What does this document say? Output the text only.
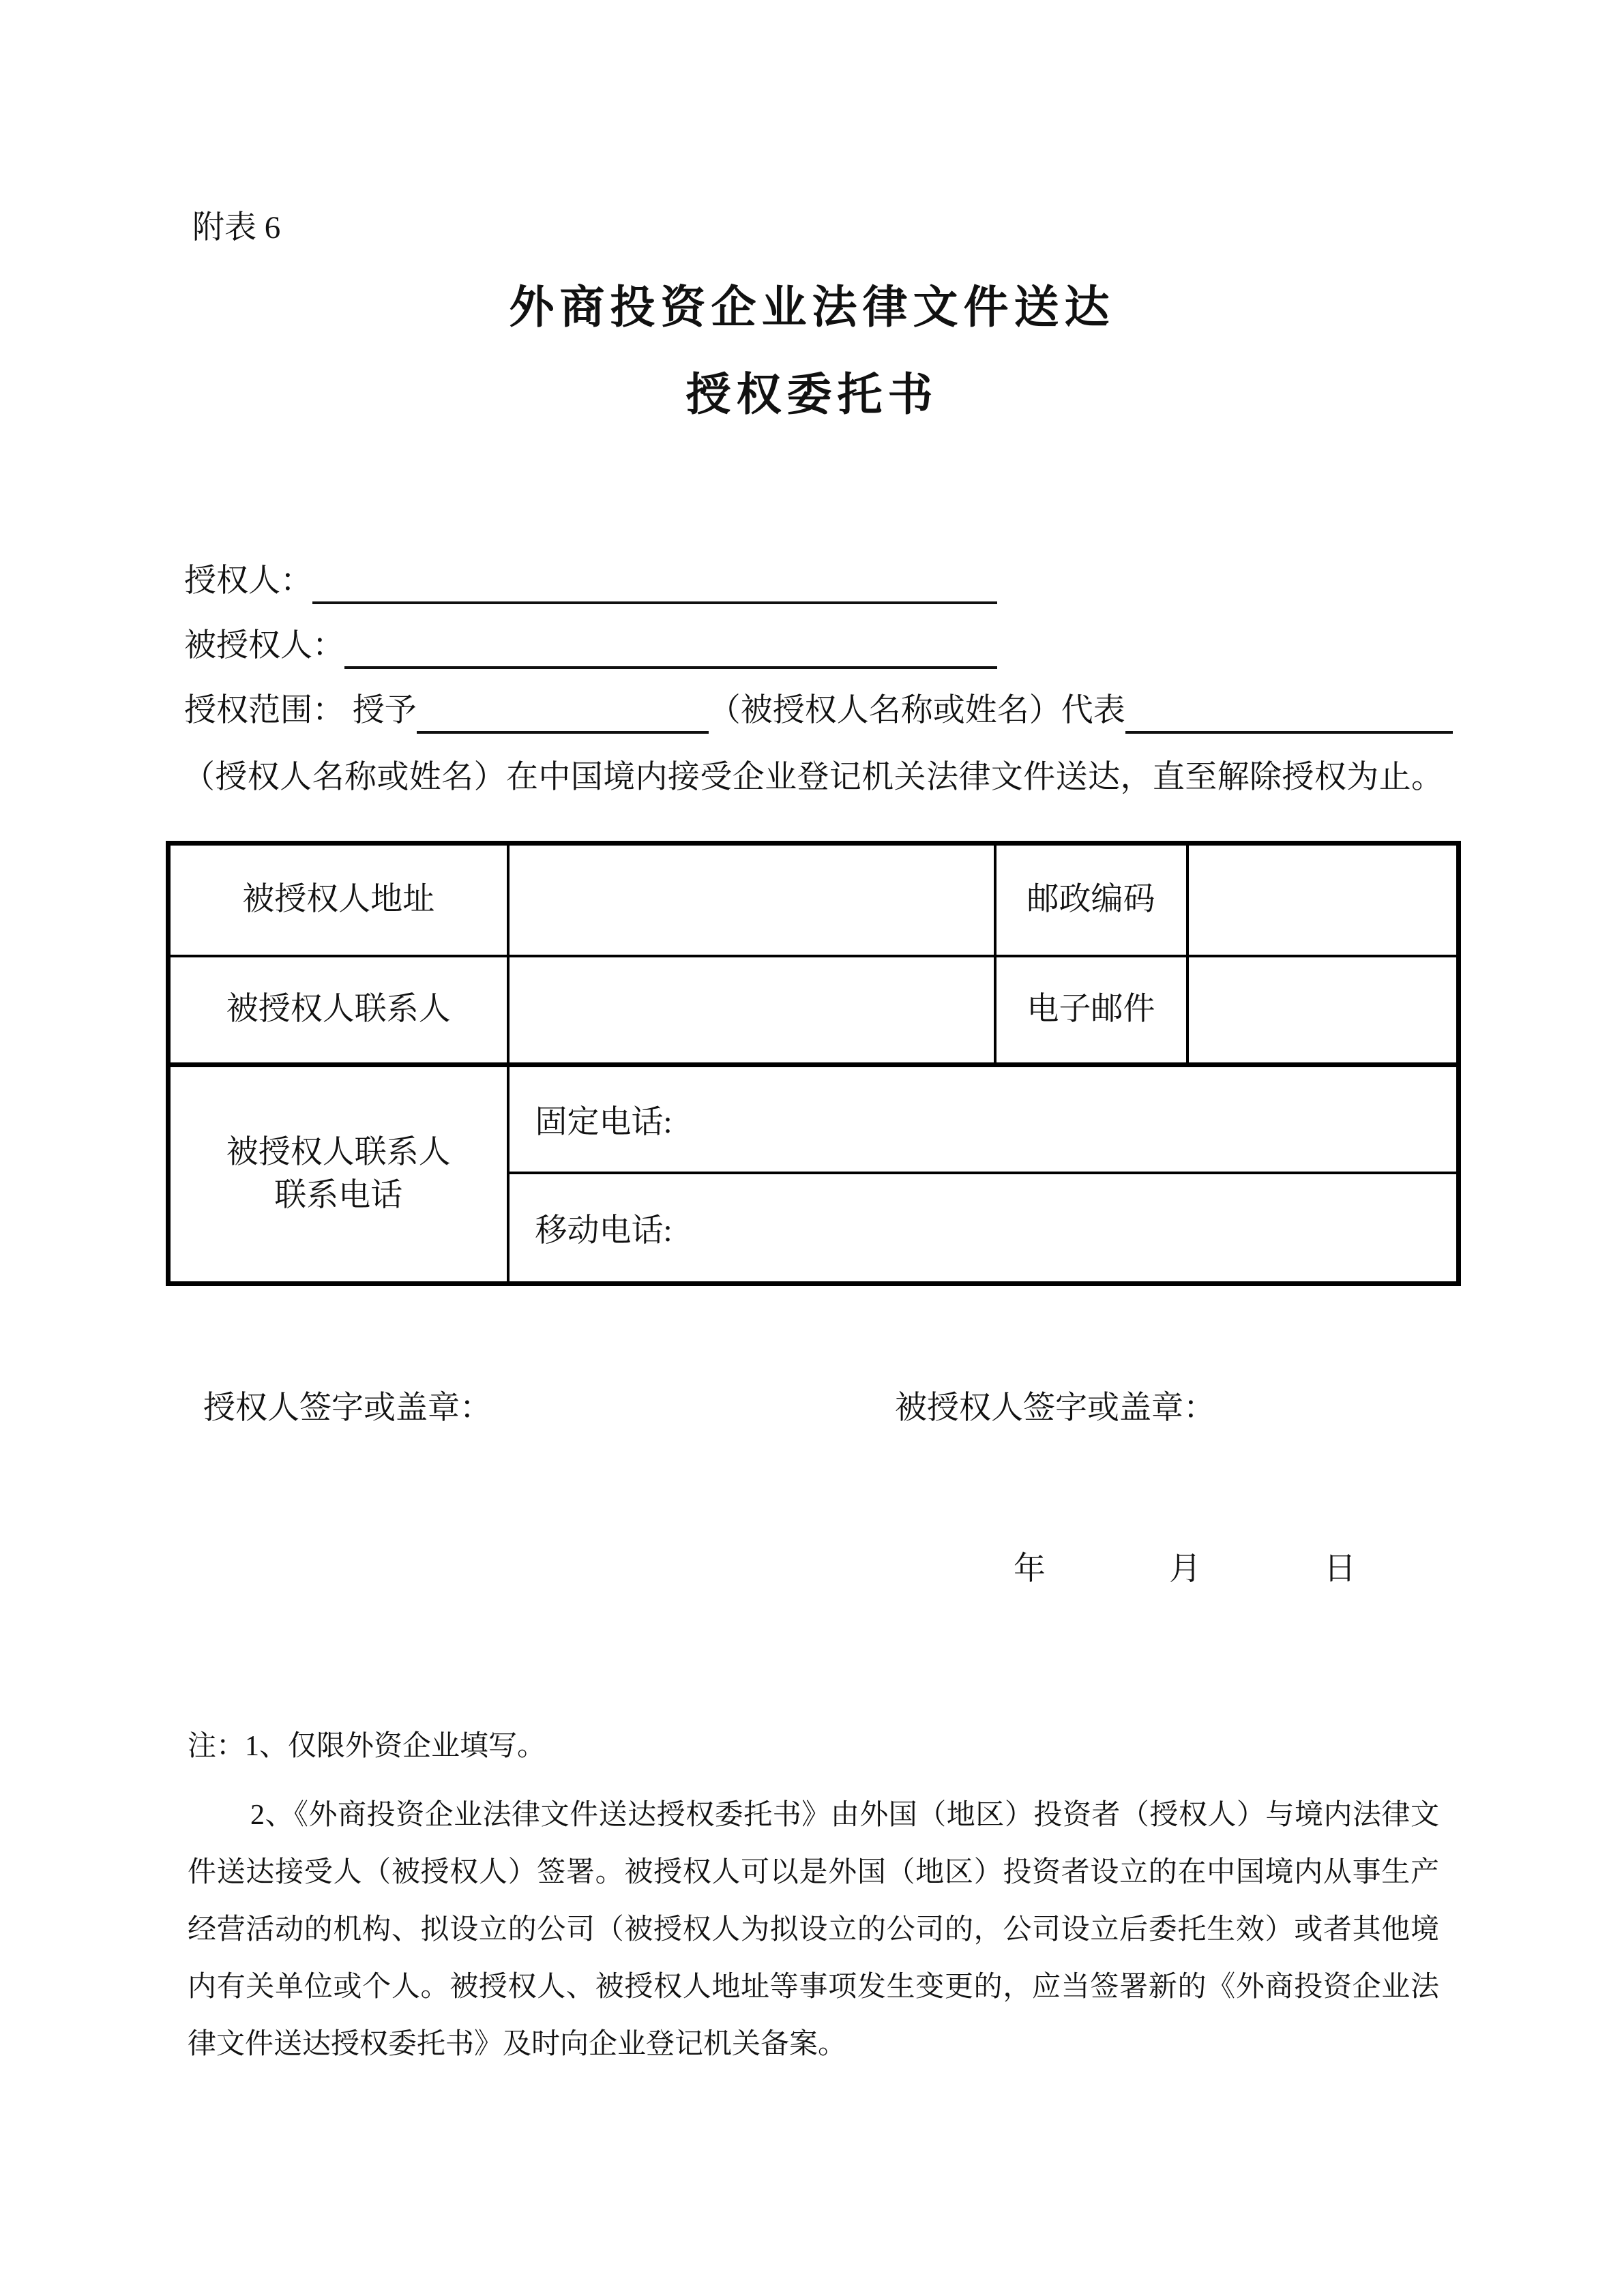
附表 6
外商投资企业法律文件送达
授权委托书
授权人：
被授权人：
授权范围： 授予	（被授权人名称或姓名）代表
（授权人名称或姓名）在中国境内接受企业登记机关法律文件送达，直至解除授权为止。
被授权人地址		邮政编码	
被授权人联系人		电子邮件	

被授权人联系人
联系电话	固定电话:		
	移动电话:		
授权人签字或盖章：	被授权人签字或盖章：
年	月	日
注：1、仅限外资企业填写。
2、《外商投资企业法律文件送达授权委托书》由外国（地区）投资者（授权人）与境内法律文
件送达接受人（被授权人）签署。被授权人可以是外国（地区）投资者设立的在中国境内从事生产
经营活动的机构、拟设立的公司（被授权人为拟设立的公司的，公司设立后委托生效）或者其他境
内有关单位或个人。被授权人、被授权人地址等事项发生变更的，应当签署新的《外商投资企业法
律文件送达授权委托书》及时向企业登记机关备案。
